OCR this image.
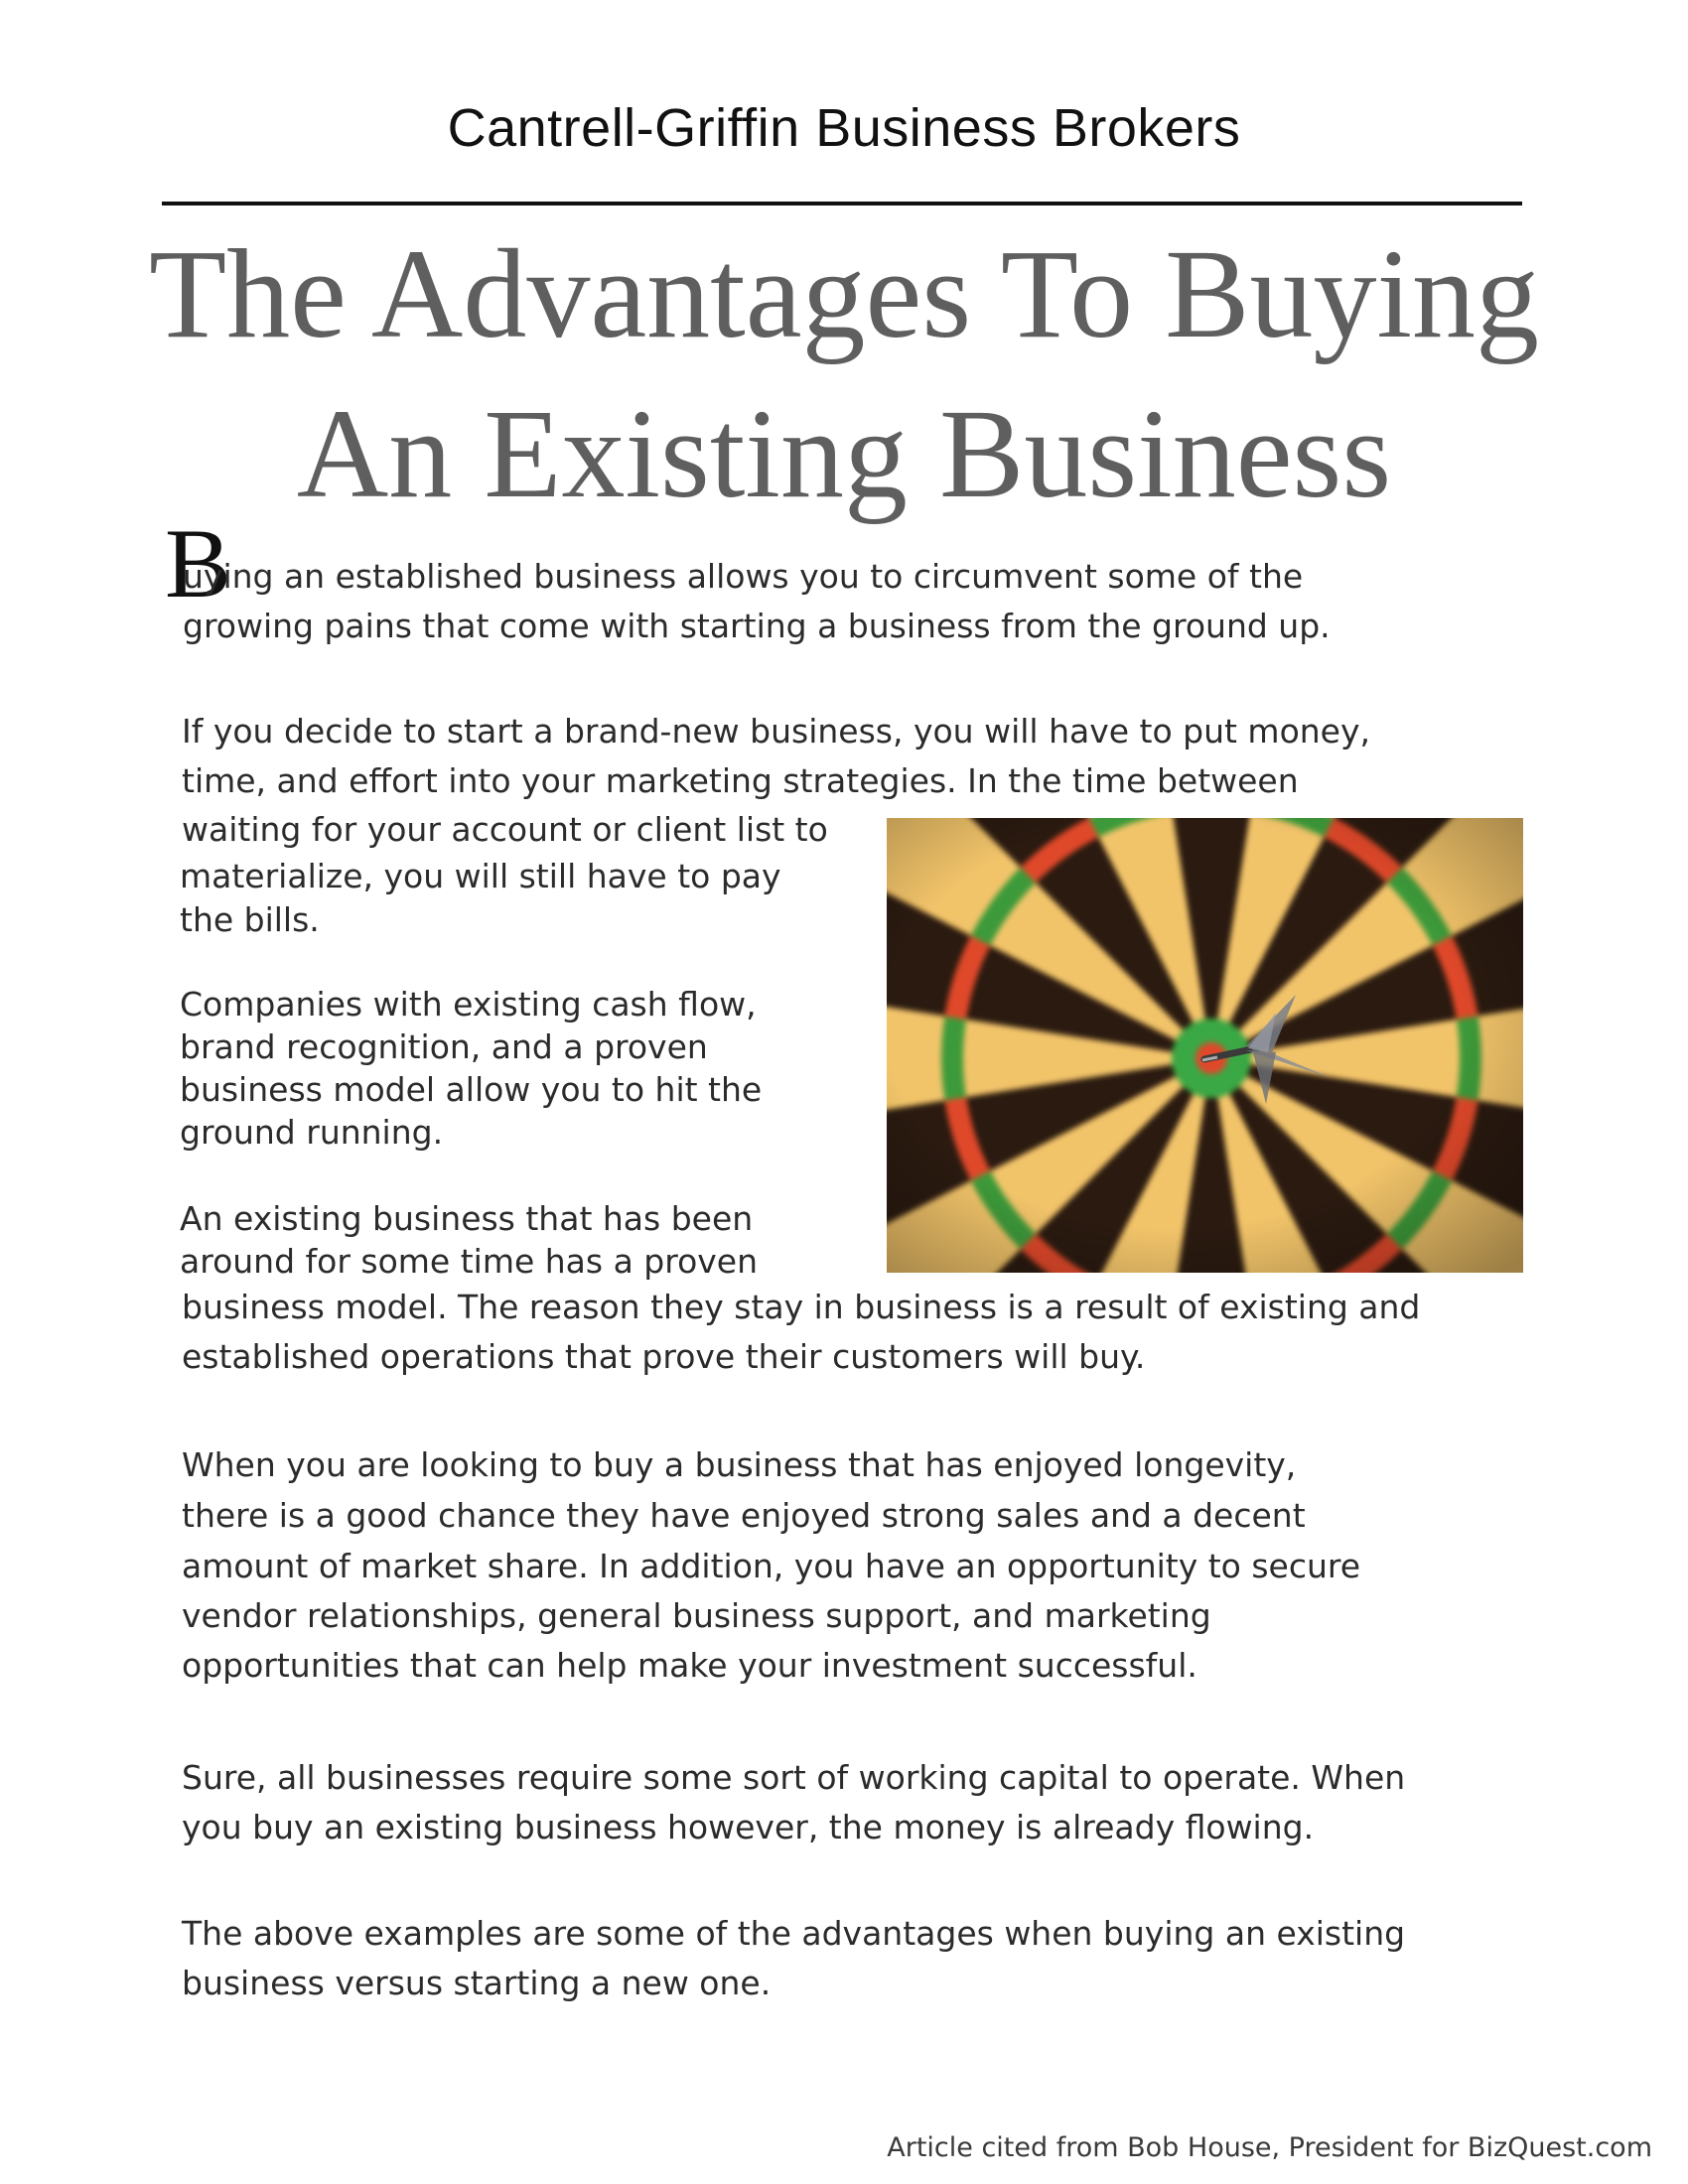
Cantrell-Griffin Business Brokers
The Advantages To Buying
An Existing Business
B
uying an established business allows you to circumvent some of the
growing pains that come with starting a business from the ground up.
If you decide to start a brand-new business, you will have to put money,
time, and effort into your marketing strategies. In the time between
waiting for your account or client list to
materialize, you will still have to pay
the bills.
Companies with existing cash flow,
brand recognition, and a proven
business model allow you to hit the
ground running.
An existing business that has been
around for some time has a proven
business model. The reason they stay in business is a result of existing and
established operations that prove their customers will buy.
When you are looking to buy a business that has enjoyed longevity,
there is a good chance they have enjoyed strong sales and a decent
amount of market share. In addition, you have an opportunity to secure
vendor relationships, general business support, and marketing
opportunities that can help make your investment successful.
Sure, all businesses require some sort of working capital to operate. When
you buy an existing business however, the money is already flowing.
The above examples are some of the advantages when buying an existing
business versus starting a new one.
Article cited from Bob House, President for BizQuest.com
